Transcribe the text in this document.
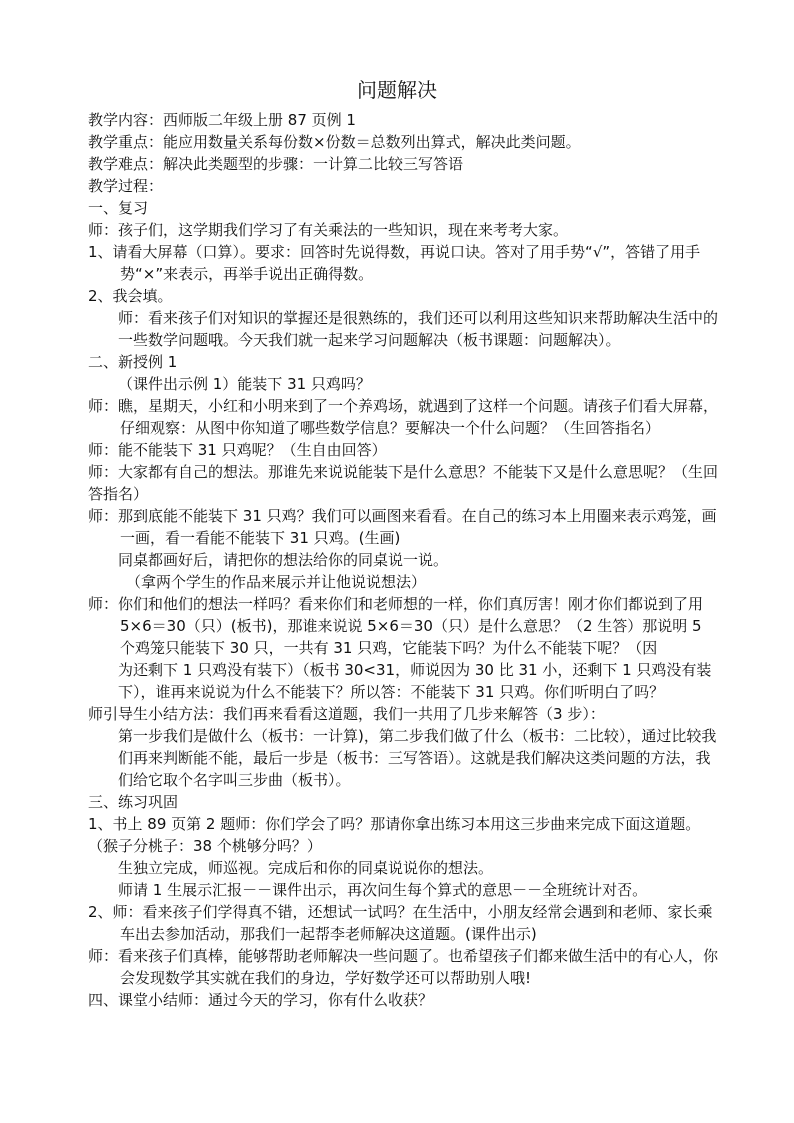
问题解决

教学内容：西师版二年级上册 87 页例 1

教学重点：能应用数量关系每份数×份数＝总数列出算式，解决此类问题。

教学难点：解决此类题型的步骤：一计算二比较三写答语

教学过程：

一、复习

师：孩子们，这学期我们学习了有关乘法的一些知识，现在来考考大家。

1、请看大屏幕（口算）。要求：回答时先说得数，再说口诀。答对了用手势“√”，答错了用手势“×”来表示，再举手说出正确得数。

2、我会填。

师：看来孩子们对知识的掌握还是很熟练的，我们还可以利用这些知识来帮助解决生活中的一些数学问题哦。今天我们就一起来学习问题解决（板书课题：问题解决）。

二、新授例 1

（课件出示例 1）能装下 31 只鸡吗？

师：瞧，星期天，小红和小明来到了一个养鸡场，就遇到了这样一个问题。请孩子们看大屏幕，仔细观察：从图中你知道了哪些数学信息？要解决一个什么问题？（生回答指名）

师：能不能装下 31 只鸡呢？（生自由回答）

师：大家都有自己的想法。那谁先来说说能装下是什么意思？不能装下又是什么意思呢？（生回答指名）

师：那到底能不能装下 31 只鸡？我们可以画图来看看。在自己的练习本上用圈来表示鸡笼，画一画，看一看能不能装下 31 只鸡。(生画)

同桌都画好后，请把你的想法给你的同桌说一说。

（拿两个学生的作品来展示并让他说说想法）

师：你们和他们的想法一样吗？看来你们和老师想的一样，你们真厉害！刚才你们都说到了用 5×6＝30（只）(板书)，那谁来说说 5×6＝30（只）是什么意思？（2 生答）那说明 5 个鸡笼只能装下 30 只，一共有 31 只鸡，它能装下吗？为什么不能装下呢？（因

为还剩下 1 只鸡没有装下）（板书 30<31，师说因为 30 比 31 小，还剩下 1 只鸡没有装下），谁再来说说为什么不能装下？所以答：不能装下 31 只鸡。你们听明白了吗？

师引导生小结方法：我们再来看看这道题，我们一共用了几步来解答（3 步）：

第一步我们是做什么（板书：一计算)，第二步我们做了什么（板书：二比较），通过比较我们再来判断能不能，最后一步是（板书：三写答语）。这就是我们解决这类问题的方法，我们给它取个名字叫三步曲（板书）。

三、练习巩固

1、书上 89 页第 2 题师：你们学会了吗？那请你拿出练习本用这三步曲来完成下面这道题。（猴子分桃子：38 个桃够分吗？）

生独立完成，师巡视。完成后和你的同桌说说你的想法。

师请 1 生展示汇报－－课件出示，再次问生每个算式的意思－－全班统计对否。

2、师：看来孩子们学得真不错，还想试一试吗？在生活中，小朋友经常会遇到和老师、家长乘车出去参加活动，那我们一起帮李老师解决这道题。(课件出示)

师：看来孩子们真棒，能够帮助老师解决一些问题了。也希望孩子们都来做生活中的有心人，你会发现数学其实就在我们的身边，学好数学还可以帮助别人哦!

四、课堂小结师：通过今天的学习，你有什么收获？
